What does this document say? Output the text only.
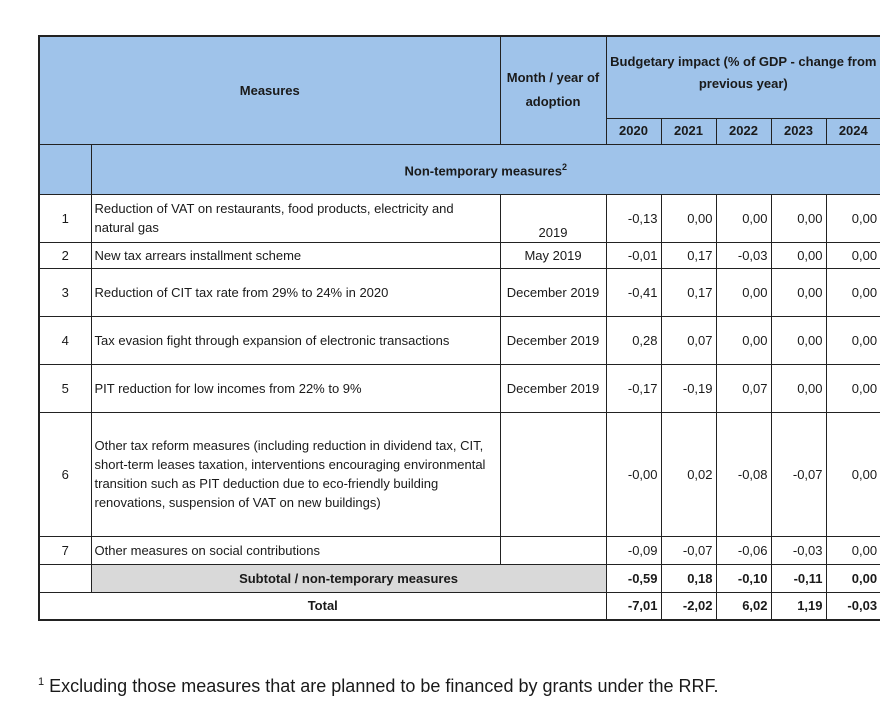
Measures		Month / year of adoption	Budgetary impact (% of GDP - change from previous year)				
			2020	2021	2022	2023	2024
	Non-temporary measures$^2$
1	Reduction of VAT on restaurants, food products, electricity and natural gas	2019	-0,13	0,00	0,00	0,00	0,00
2	New tax arrears installment scheme	May 2019	-0,01	0,17	-0,03	0,00	0,00
3	Reduction of CIT tax rate from 29% to 24% in 2020	December 2019	-0,41	0,17	0,00	0,00	0,00
4	Tax evasion fight through expansion of electronic transactions	December 2019	0,28	0,07	0,00	0,00	0,00
5	PIT reduction for low incomes from 22% to 9%	December 2019	-0,17	-0,19	0,07	0,00	0,00
6	Other tax reform measures (including reduction in dividend tax, CIT, short-term leases taxation, interventions encouraging environmental transition such as PIT deduction due to eco-friendly building renovations, suspension of VAT on new buildings)		-0,00	0,02	-0,08	-0,07	0,00
7	Other measures on social contributions		-0,09	-0,07	-0,06	-0,03	0,00
	Subtotal / non-temporary measures		-0,59	0,18	-0,10	-0,11	0,00
Total			-7,01	-2,02	6,02	1,19	-0,03
$^1$ Excluding those measures that are planned to be financed by grants under the RRF.
